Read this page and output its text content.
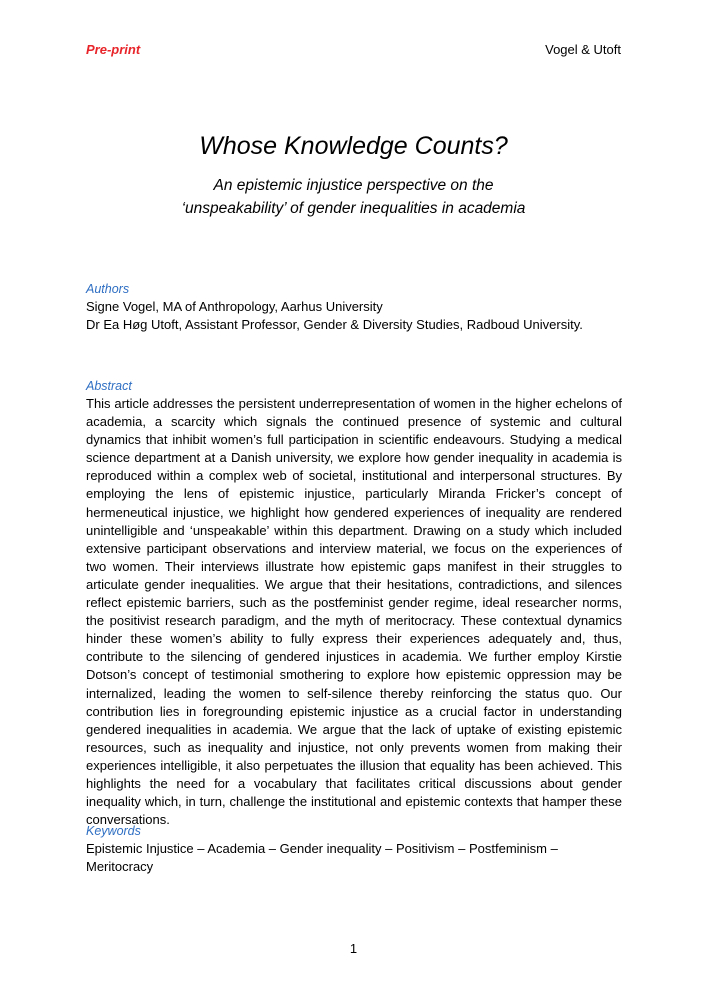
Pre-print	Vogel & Utoft
Whose Knowledge Counts?
An epistemic injustice perspective on the
‘unspeakability’ of gender inequalities in academia
Authors
Signe Vogel, MA of Anthropology, Aarhus University
Dr Ea Høg Utoft, Assistant Professor, Gender & Diversity Studies, Radboud University.
Abstract
This article addresses the persistent underrepresentation of women in the higher echelons of academia, a scarcity which signals the continued presence of systemic and cultural dynamics that inhibit women’s full participation in scientific endeavours. Studying a medical science department at a Danish university, we explore how gender inequality in academia is reproduced within a complex web of societal, institutional and interpersonal structures. By employing the lens of epistemic injustice, particularly Miranda Fricker’s concept of hermeneutical injustice, we highlight how gendered experiences of inequality are rendered unintelligible and ‘unspeakable’ within this department. Drawing on a study which included extensive participant observations and interview material, we focus on the experiences of two women. Their interviews illustrate how epistemic gaps manifest in their struggles to articulate gender inequalities. We argue that their hesitations, contradictions, and silences reflect epistemic barriers, such as the postfeminist gender regime, ideal researcher norms, the positivist research paradigm, and the myth of meritocracy. These contextual dynamics hinder these women’s ability to fully express their experiences adequately and, thus, contribute to the silencing of gendered injustices in academia. We further employ Kirstie Dotson’s concept of testimonial smothering to explore how epistemic oppression may be internalized, leading the women to self-silence thereby reinforcing the status quo. Our contribution lies in foregrounding epistemic injustice as a crucial factor in understanding gendered inequalities in academia. We argue that the lack of uptake of existing epistemic resources, such as inequality and injustice, not only prevents women from making their experiences intelligible, it also perpetuates the illusion that equality has been achieved. This highlights the need for a vocabulary that facilitates critical discussions about gender inequality which, in turn, challenge the institutional and epistemic contexts that hamper these conversations.
Keywords
Epistemic Injustice – Academia – Gender inequality – Positivism – Postfeminism – Meritocracy
1
